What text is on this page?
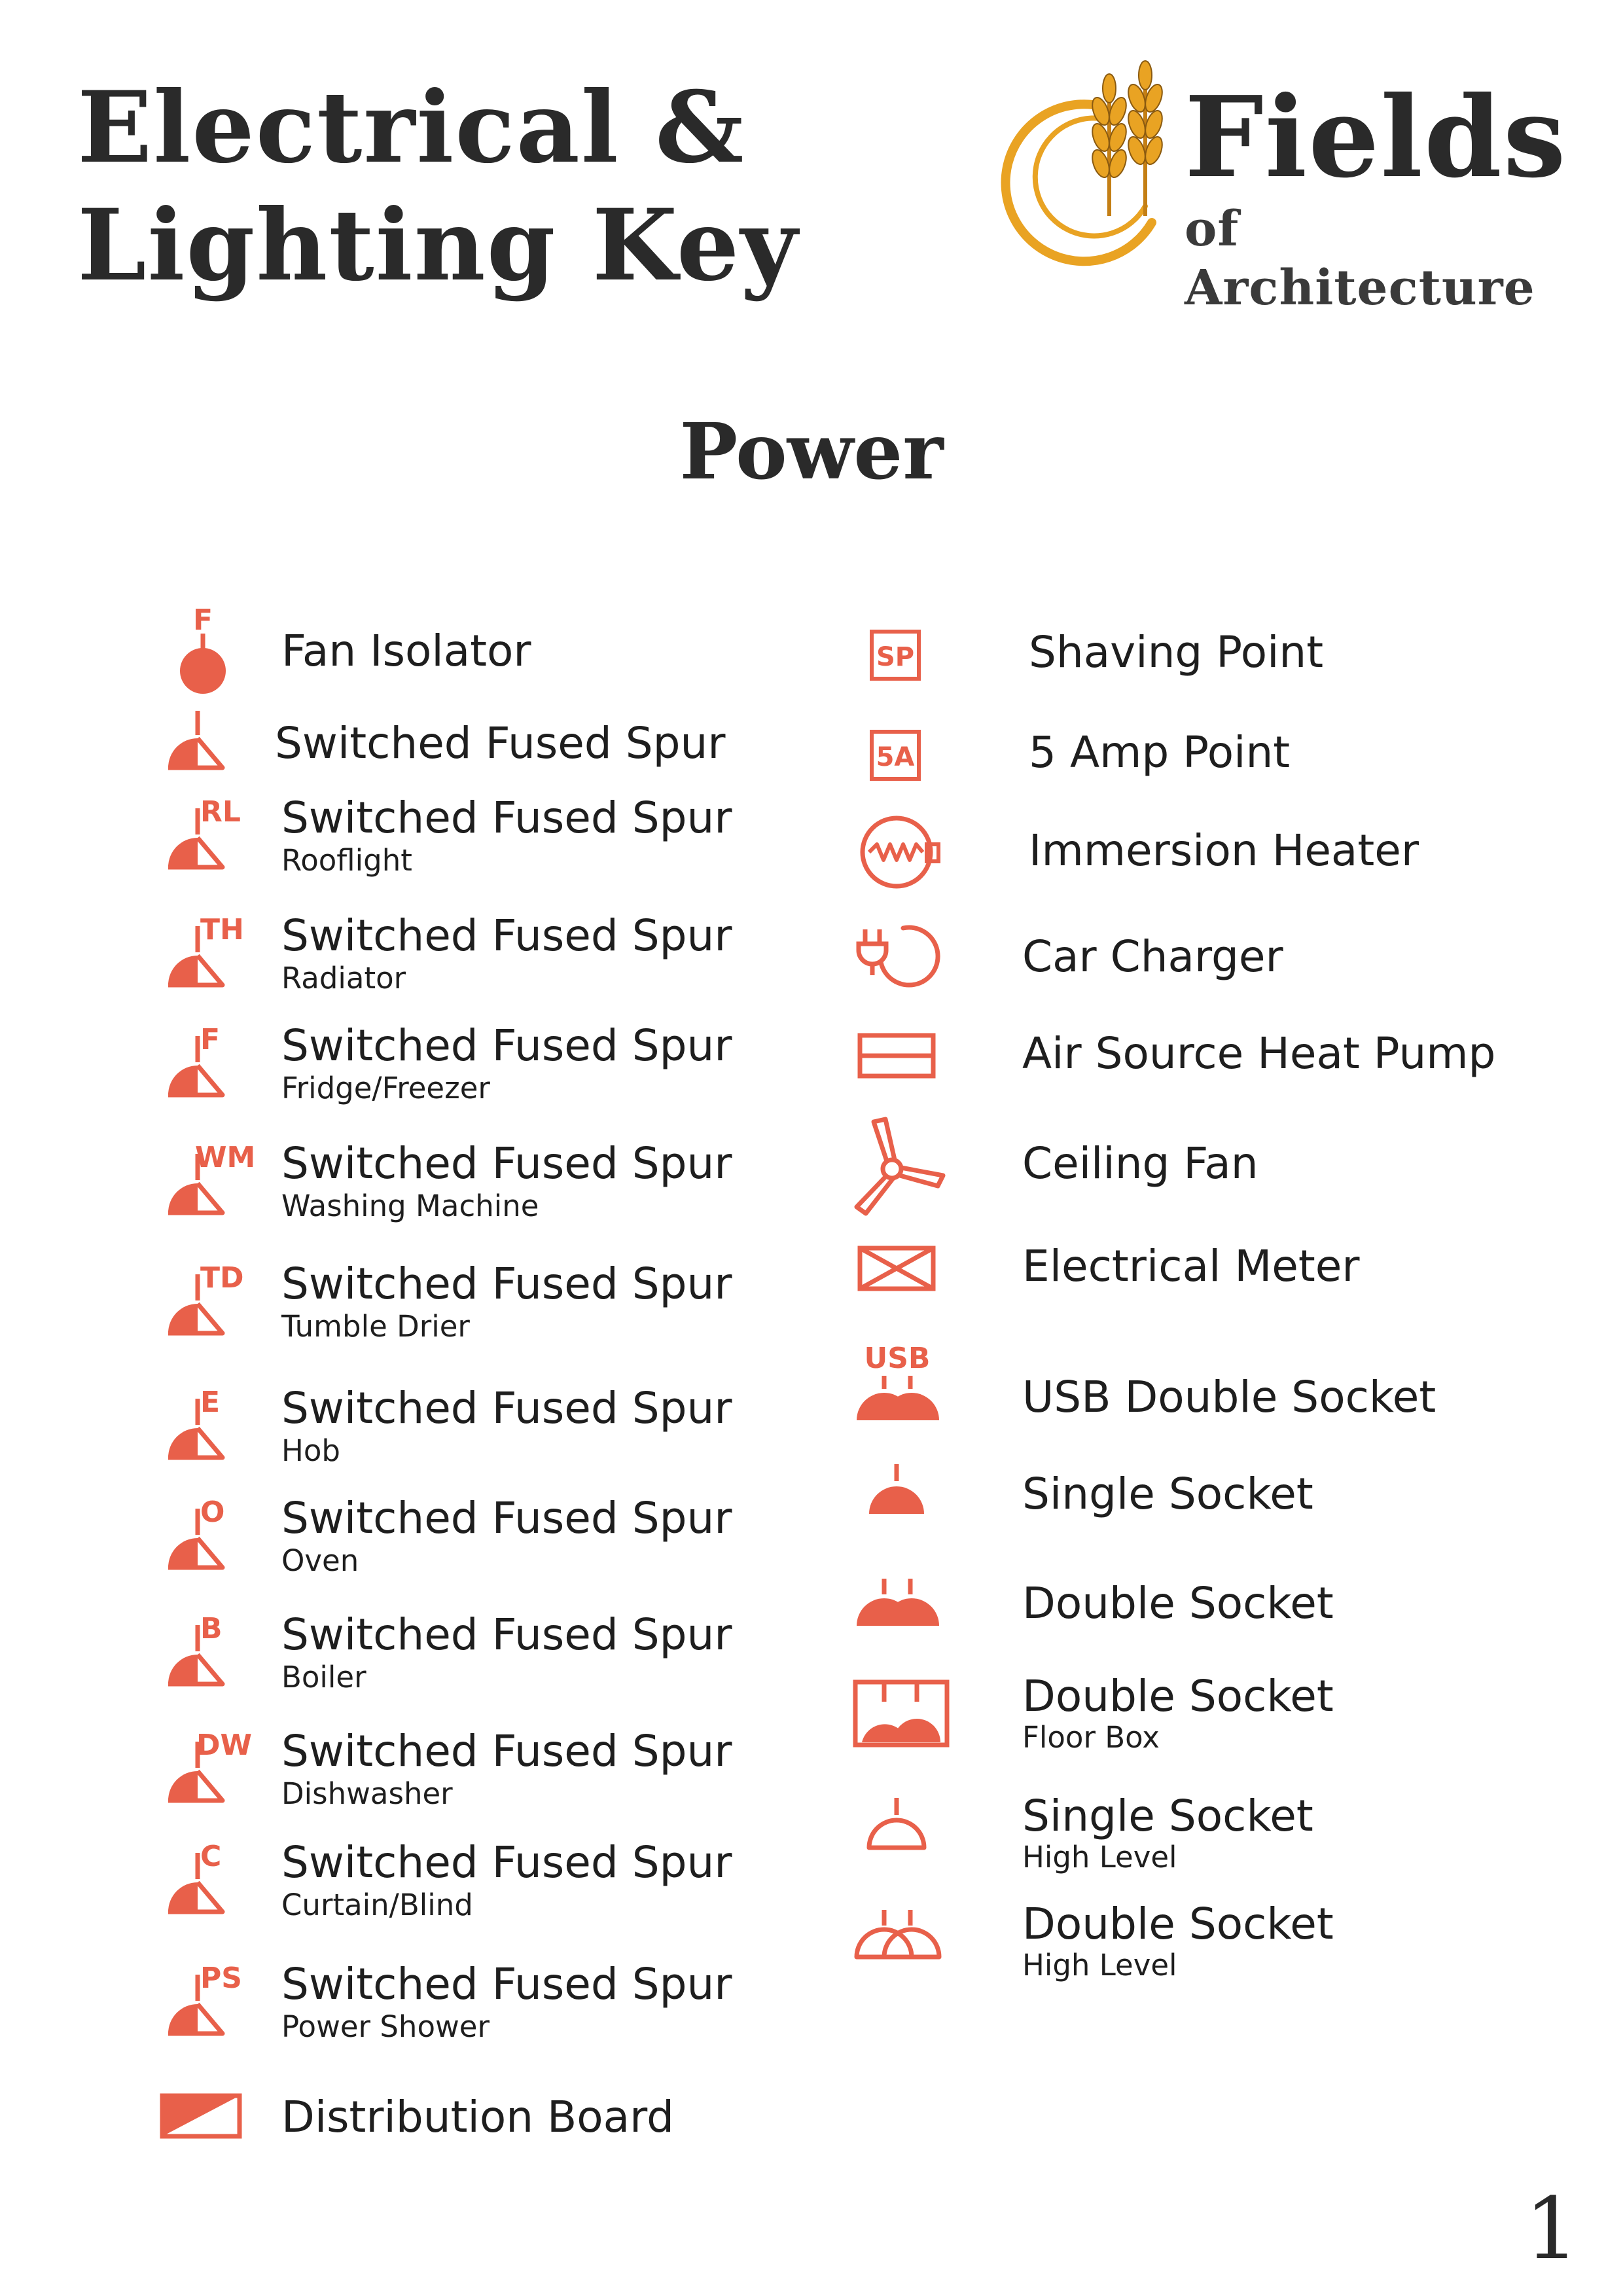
Electrical &
Lighting Key
Fields
of Architecture
Power
F
Fan Isolator
Switched Fused Spur
RL Switched Fused Spur
Rooflight
TH Switched Fused Spur
Radiator
F Switched Fused Spur
Fridge/Freezer
WM Switched Fused Spur
Washing Machine
TD Switched Fused Spur
Tumble Drier
E Switched Fused Spur
Hob
O Switched Fused Spur
Oven
B Switched Fused Spur
Boiler
DW Switched Fused Spur
Dishwasher
C Switched Fused Spur
Curtain/Blind
PS Switched Fused Spur
Power Shower
Distribution Board
SP	Shaving Point
5A	5 Amp Point
Immersion Heater
Car Charger
Air Source Heat Pump
Ceiling Fan
Electrical Meter
USB
USB Double Socket
Single Socket
Double Socket
Double Socket
Floor Box
Single Socket
High Level
Double Socket
High Level
1
